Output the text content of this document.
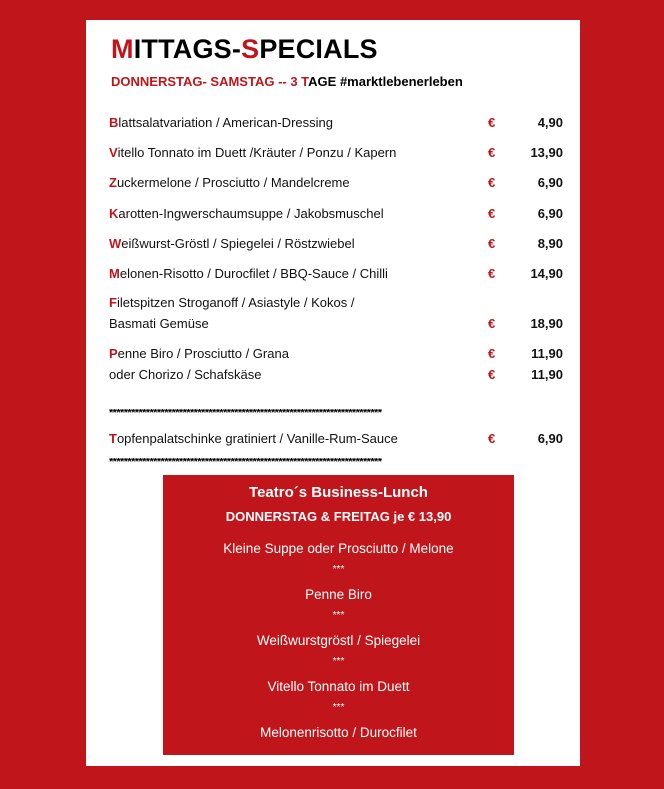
MITTAGS-SPECIALS
DONNERSTAG- SAMSTAG -- 3 TAGE #marktlebenerleben
Blattsalatvariation / American-Dressing	€	4,90
Vitello Tonnato im Duett /Kräuter / Ponzu / Kapern	€	13,90
Zuckermelone / Prosciutto / Mandelcreme	€	6,90
Karotten-Ingwerschaumsuppe / Jakobsmuschel	€	6,90
Weißwurst-Gröstl / Spiegelei / Röstzwiebel	€	8,90
Melonen-Risotto / Durocfilet / BBQ-Sauce / Chilli	€	14,90
Filetspitzen Stroganoff / Asiastyle / Kokos /
Basmati Gemüse	€	18,90
Penne Biro / Prosciutto / Grana	€	11,90
oder Chorizo / Schafskäse	€	11,90
**************************************************************************
Topfenpalatschinke gratiniert / Vanille-Rum-Sauce	€	6,90
**************************************************************************
Teatro´s Business-Lunch
DONNERSTAG & FREITAG je € 13,90
Kleine Suppe oder Prosciutto / Melone
***
Penne Biro
***
Weißwurstgröstl / Spiegelei
***
Vitello Tonnato im Duett
***
Melonenrisotto / Durocfilet
